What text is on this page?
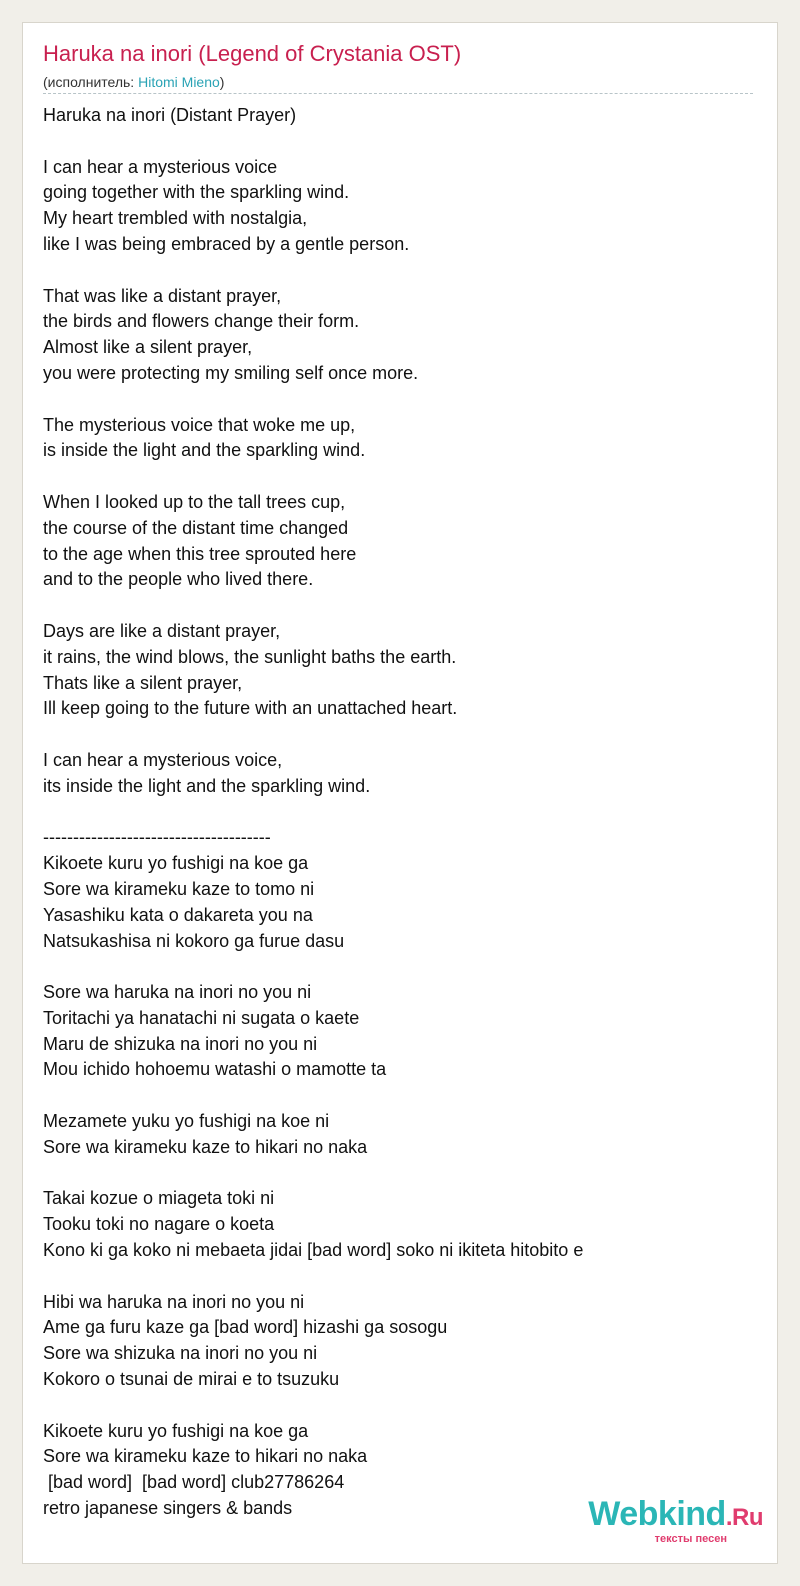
Haruka na inori (Legend of Crystania OST)
(исполнитель: Hitomi Mieno)
Haruka na inori (Distant Prayer)
I can hear a mysterious voice
going together with the sparkling wind.
My heart trembled with nostalgia,
like I was being embraced by a gentle person.
That was like a distant prayer,
the birds and flowers change their form.
Almost like a silent prayer,
you were protecting my smiling self once more.
The mysterious voice that woke me up,
is inside the light and the sparkling wind.
When I looked up to the tall trees cup,
the course of the distant time changed
to the age when this tree sprouted here
and to the people who lived there.
Days are like a distant prayer,
it rains, the wind blows, the sunlight baths the earth.
Thats like a silent prayer,
Ill keep going to the future with an unattached heart.
I can hear a mysterious voice,
its inside the light and the sparkling wind.
--------------------------------------
Kikoete kuru yo fushigi na koe ga
Sore wa kirameku kaze to tomo ni
Yasashiku kata o dakareta you na
Natsukashisa ni kokoro ga furue dasu
Sore wa haruka na inori no you ni
Toritachi ya hanatachi ni sugata o kaete
Maru de shizuka na inori no you ni
Mou ichido hohoemu watashi o mamotte ta
Mezamete yuku yo fushigi na koe ni
Sore wa kirameku kaze to hikari no naka
Takai kozue o miageta toki ni
Tooku toki no nagare o koeta
Kono ki ga koko ni mebaeta jidai [bad word] soko ni ikiteta hitobito e
Hibi wa haruka na inori no you ni
Ame ga furu kaze ga [bad word] hizashi ga sosogu
Sore wa shizuka na inori no you ni
Kokoro o tsunai de mirai e to tsuzuku
Kikoete kuru yo fushigi na koe ga
Sore wa kirameku kaze to hikari no naka
[bad word]  [bad word] club27786264
retro japanese singers & bands	Webkind.Ru
тексты песен
